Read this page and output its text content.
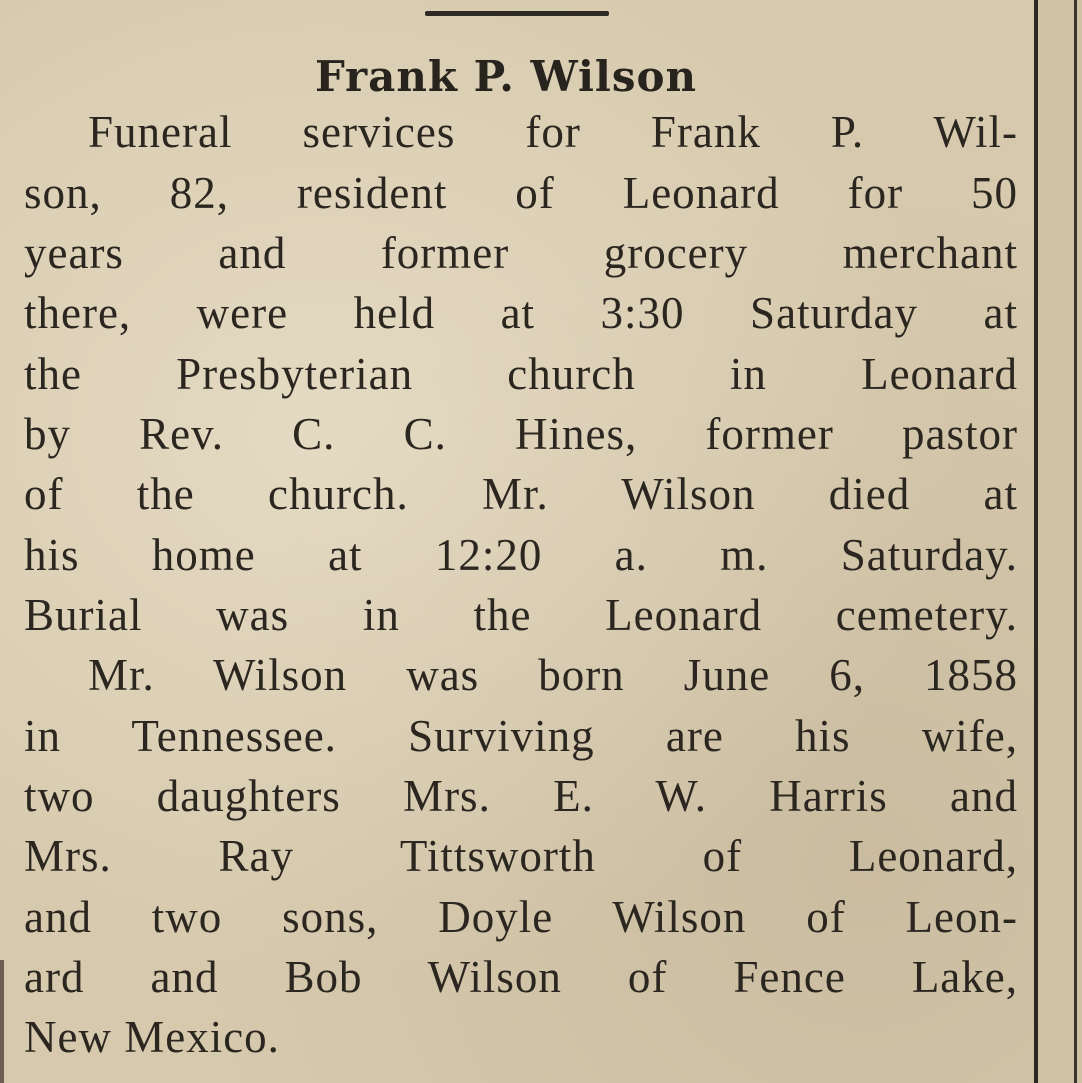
Frank P. Wilson
Funeral services for Frank P. Wil-
son, 82, resident of Leonard for 50
years and former grocery merchant
there, were held at 3:30 Saturday at
the Presbyterian church in Leonard
by Rev. C. C. Hines, former pastor
of the church. Mr. Wilson died at
his home at 12:20 a. m. Saturday.
Burial was in the Leonard cemetery.
Mr. Wilson was born June 6, 1858
in Tennessee. Surviving are his wife,
two daughters Mrs. E. W. Harris and
Mrs. Ray Tittsworth of Leonard,
and two sons, Doyle Wilson of Leon-
ard and Bob Wilson of Fence Lake,
New Mexico.
